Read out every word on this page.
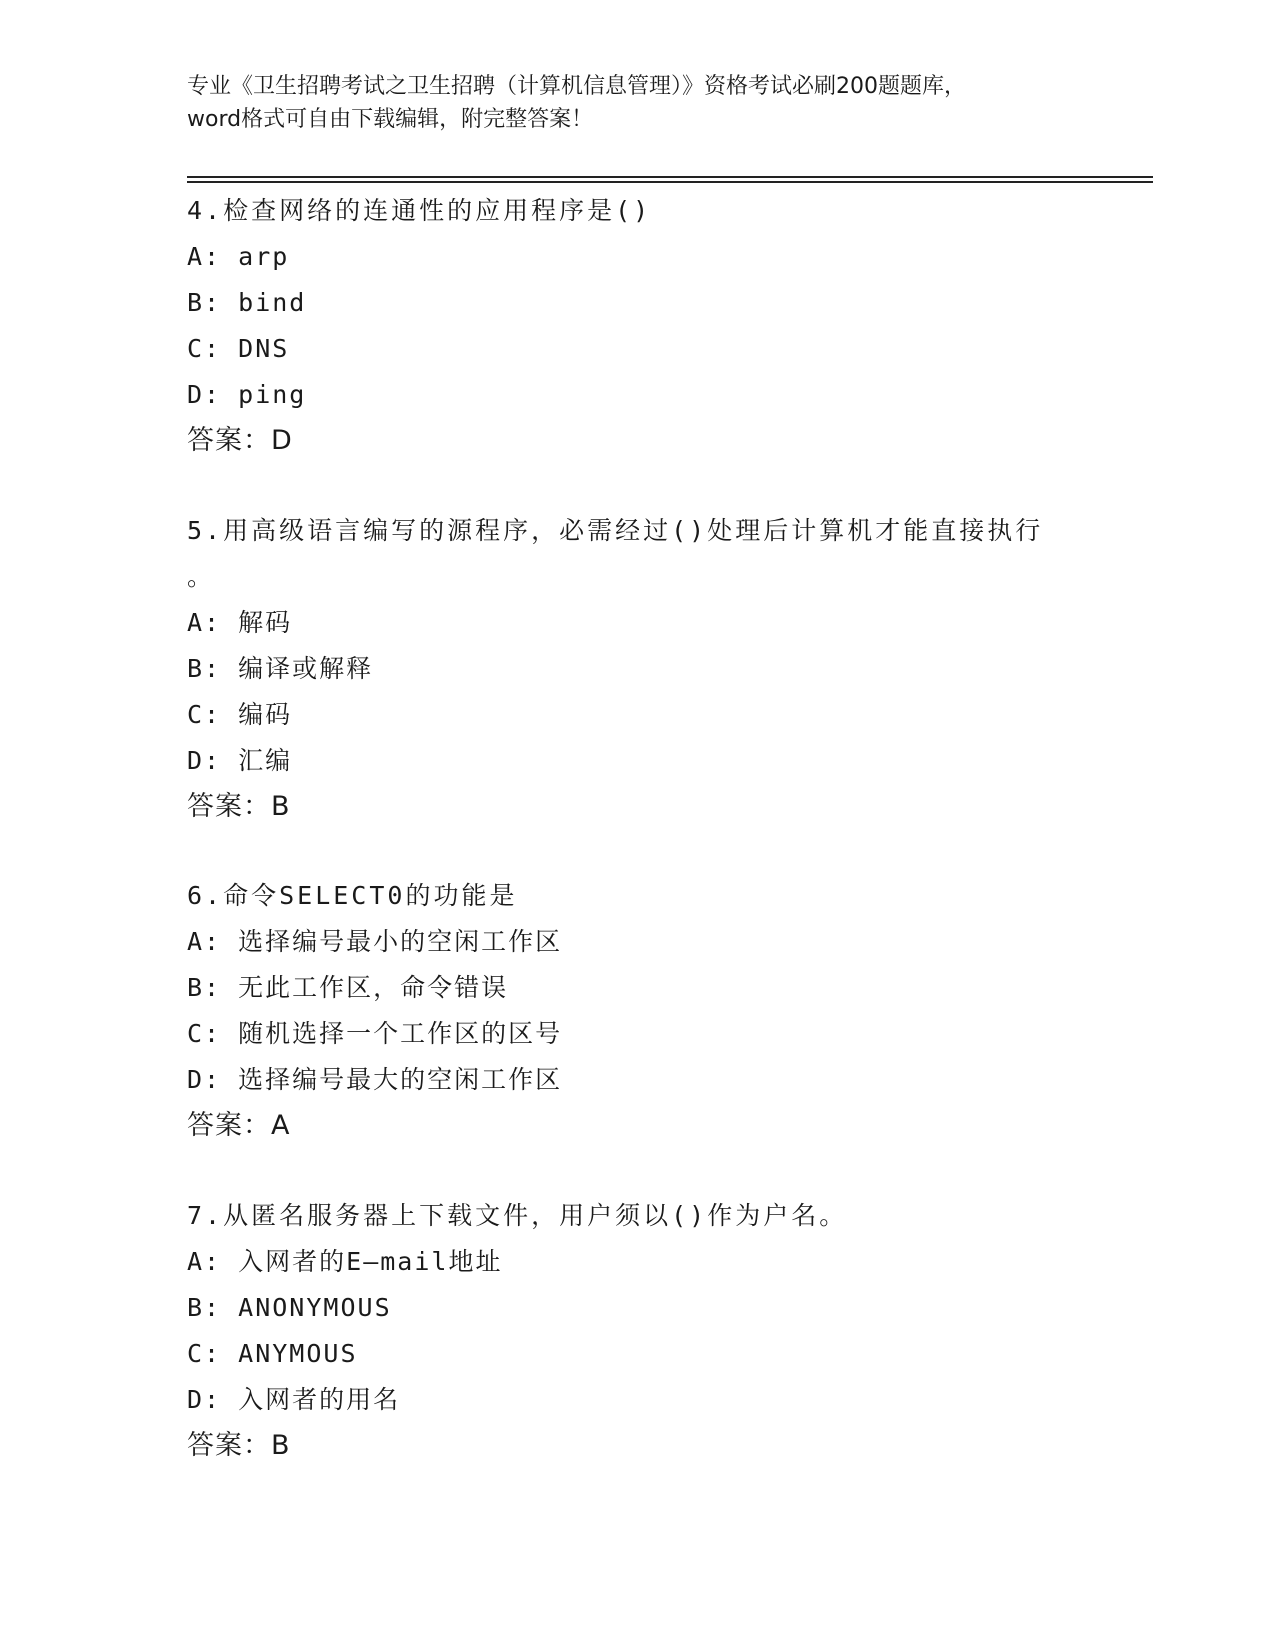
专业《卫生招聘考试之卫生招聘（计算机信息管理）》资格考试必刷200题题库，
word格式可自由下载编辑，附完整答案！
4.检查网络的连通性的应用程序是()
A: arp
B: bind
C: DNS
D: ping
答案：D
5.用高级语言编写的源程序，必需经过()处理后计算机才能直接执行
。
A: 解码
B: 编译或解释
C: 编码
D: 汇编
答案：B
6.命令SELECT0的功能是
A: 选择编号最小的空闲工作区
B: 无此工作区，命令错误
C: 随机选择一个工作区的区号
D: 选择编号最大的空闲工作区
答案：A
7.从匿名服务器上下载文件，用户须以()作为户名。
A: 入网者的E—mail地址
B: ANONYMOUS
C: ANYMOUS
D: 入网者的用名
答案：B
